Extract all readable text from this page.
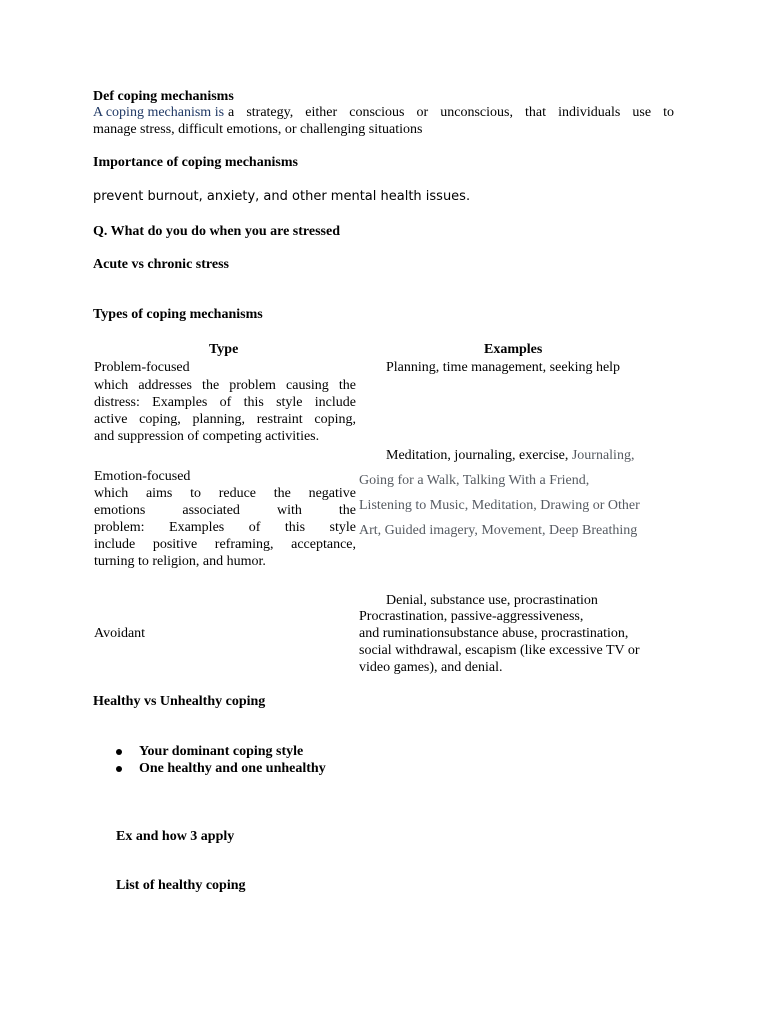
Def coping mechanisms
A coping mechanism is a strategy, either conscious or unconscious, that individuals use to
manage stress, difficult emotions, or challenging situations
Importance of coping mechanisms
prevent burnout, anxiety, and other mental health issues.
Q. What do you do when you are stressed
Acute vs chronic stress
Types of coping mechanisms
Type	Examples
Problem-focused
which addresses the problem causing the
distress: Examples of this style include
active coping, planning, restraint coping,
and suppression of competing activities.
Planning, time management, seeking help
Meditation, journaling, exercise, Journaling,
Going for a Walk, Talking With a Friend,
Listening to Music, Meditation, Drawing or Other
Art, Guided imagery, Movement, Deep Breathing
Emotion-focused
which aims to reduce the negative
emotions associated with the
problem: Examples of this style
include positive reframing, acceptance,
turning to religion, and humor.
Avoidant
Denial, substance use, procrastination
Procrastination, passive-aggressiveness,
and ruminationsubstance abuse, procrastination,
social withdrawal, escapism (like excessive TV or
video games), and denial.
Healthy vs Unhealthy coping
Your dominant coping style
One healthy and one unhealthy
Ex and how 3 apply
List of healthy coping
